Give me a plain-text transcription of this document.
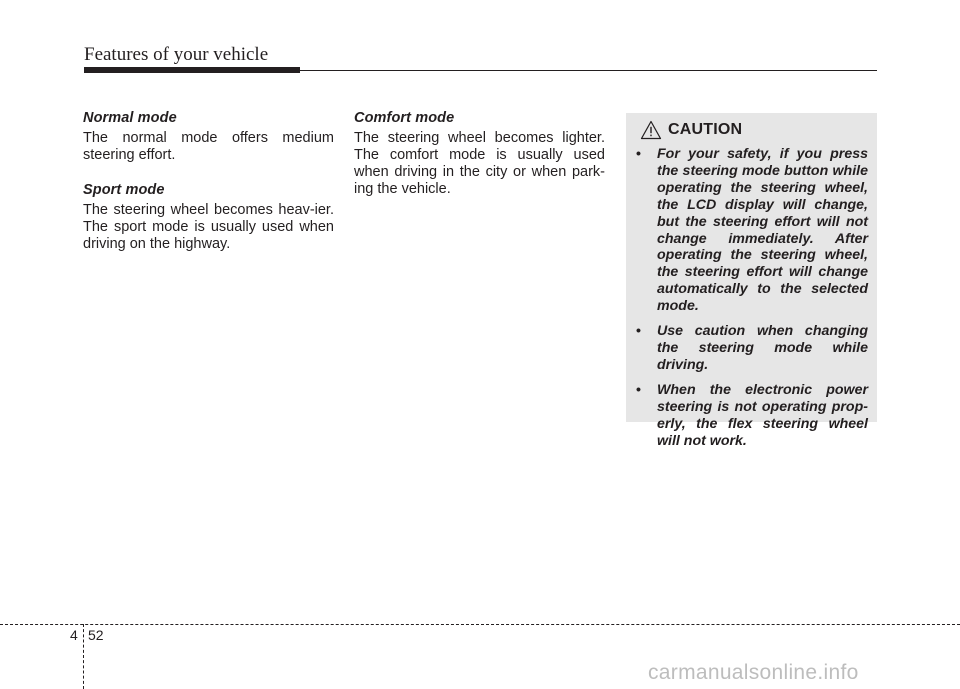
Features of your vehicle
Normal mode

The normal mode offers medium steering effort.

Sport mode

The steering wheel becomes heav-ier. The sport mode is usually used when driving on the highway.

Comfort mode

The steering wheel becomes lighter. The comfort mode is usually used when driving in the city or when park-ing the vehicle.

CAUTION
• For your safety, if you press the steering mode button while operating the steering wheel, the LCD display will change, but the steering effort will not change immediately. After operating the steering wheel, the steering effort will change automatically to the selected mode.
• Use caution when changing the steering mode while driving.
• When the electronic power steering is not operating prop-erly, the flex steering wheel will not work.
4 52
carmanualsonline.info
